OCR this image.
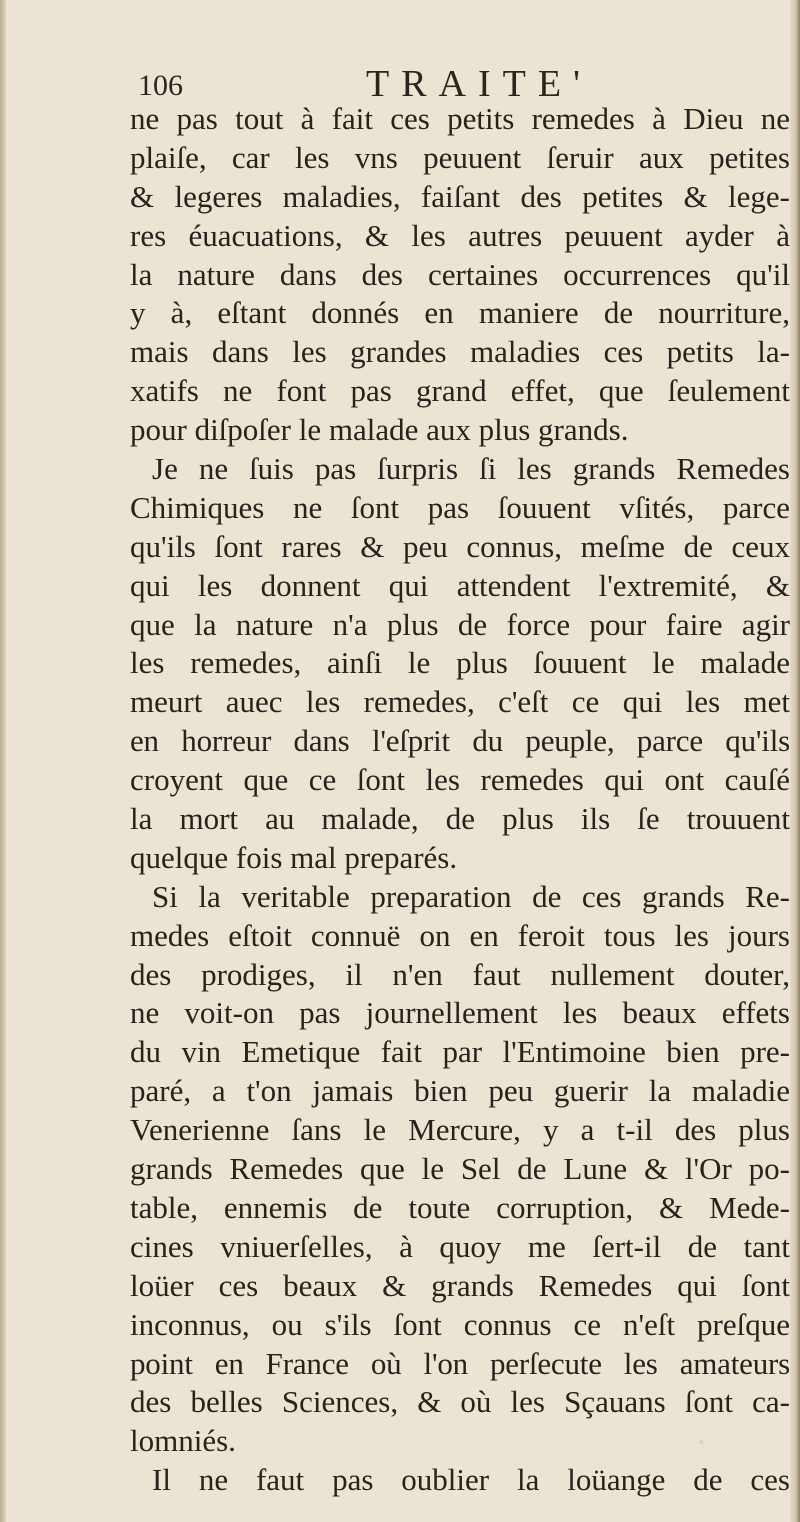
106	TRAITE'
ne pas tout à fait ces petits remedes à Dieu ne
plaiſe, car les vns peuuent ſeruir aux petites
& legeres maladies, faiſant des petites & lege-
res éuacuations, & les autres peuuent ayder à
la nature dans des certaines occurrences qu'il
y à, eſtant donnés en maniere de nourriture,
mais dans les grandes maladies ces petits la-
xatifs ne font pas grand effet, que ſeulement
pour diſpoſer le malade aux plus grands.
Je ne ſuis pas ſurpris ſi les grands Remedes
Chimiques ne ſont pas ſouuent vſités, parce
qu'ils ſont rares & peu connus, meſme de ceux
qui les donnent qui attendent l'extremité, &
que la nature n'a plus de force pour faire agir
les remedes, ainſi le plus ſouuent le malade
meurt auec les remedes, c'eſt ce qui les met
en horreur dans l'eſprit du peuple, parce qu'ils
croyent que ce ſont les remedes qui ont cauſé
la mort au malade, de plus ils ſe trouuent
quelque fois mal preparés.
Si la veritable preparation de ces grands Re-
medes eſtoit connuë on en feroit tous les jours
des prodiges, il n'en faut nullement douter,
ne voit-on pas journellement les beaux effets
du vin Emetique fait par l'Entimoine bien pre-
paré, a t'on jamais bien peu guerir la maladie
Venerienne ſans le Mercure, y a t-il des plus
grands Remedes que le Sel de Lune & l'Or po-
table, ennemis de toute corruption, & Mede-
cines vniuerſelles, à quoy me ſert-il de tant
loüer ces beaux & grands Remedes qui ſont
inconnus, ou s'ils ſont connus ce n'eſt preſque
point en France où l'on perſecute les amateurs
des belles Sciences, & où les Sçauans ſont ca-
lomniés.
Il ne faut pas oublier la loüange de ces
